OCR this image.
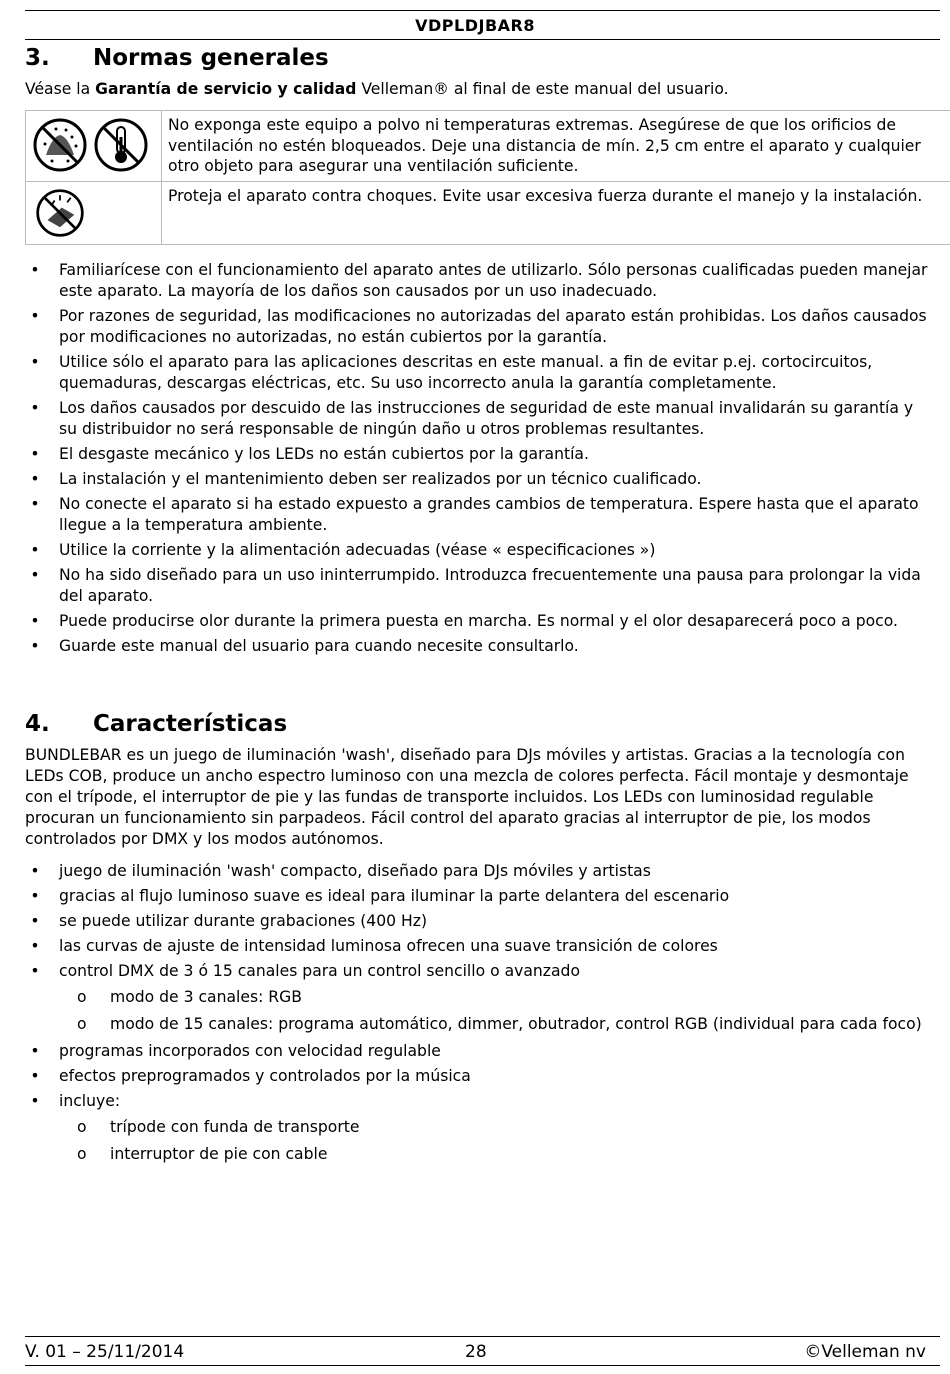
VDPLDJBAR8
3. Normas generales
Véase la Garantía de servicio y calidad Velleman® al final de este manual del usuario.
	No exponga este equipo a polvo ni temperaturas extremas. Asegúrese de que los orificios de ventilación no estén bloqueados. Deje una distancia de mín. 2,5 cm entre el aparato y cualquier otro objeto para asegurar una ventilación suficiente.
	Proteja el aparato contra choques. Evite usar excesiva fuerza durante el manejo y la instalación.
•	Familiarícese con el funcionamiento del aparato antes de utilizarlo. Sólo personas cualificadas pueden manejar este aparato. La mayoría de los daños son causados por un uso inadecuado.
•	Por razones de seguridad, las modificaciones no autorizadas del aparato están prohibidas. Los daños causados por modificaciones no autorizadas, no están cubiertos por la garantía.
•	Utilice sólo el aparato para las aplicaciones descritas en este manual. a fin de evitar p.ej. cortocircuitos, quemaduras, descargas eléctricas, etc. Su uso incorrecto anula la garantía completamente.
•	Los daños causados por descuido de las instrucciones de seguridad de este manual invalidarán su garantía y su distribuidor no será responsable de ningún daño u otros problemas resultantes.
•	El desgaste mecánico y los LEDs no están cubiertos por la garantía.
•	La instalación y el mantenimiento deben ser realizados por un técnico cualificado.
•	No conecte el aparato si ha estado expuesto a grandes cambios de temperatura. Espere hasta que el aparato llegue a la temperatura ambiente.
•	Utilice la corriente y la alimentación adecuadas (véase « especificaciones »)
•	No ha sido diseñado para un uso ininterrumpido. Introduzca frecuentemente una pausa para prolongar la vida del aparato.
•	Puede producirse olor durante la primera puesta en marcha. Es normal y el olor desaparecerá poco a poco.
•	Guarde este manual del usuario para cuando necesite consultarlo.
4. Características
BUNDLEBAR es un juego de iluminación 'wash', diseñado para DJs móviles y artistas. Gracias a la tecnología con LEDs COB, produce un ancho espectro luminoso con una mezcla de colores perfecta. Fácil montaje y desmontaje con el trípode, el interruptor de pie y las fundas de transporte incluidos. Los LEDs con luminosidad regulable procuran un funcionamiento sin parpadeos. Fácil control del aparato gracias al interruptor de pie, los modos controlados por DMX y los modos autónomos.
•	juego de iluminación 'wash' compacto, diseñado para DJs móviles y artistas
•	gracias al flujo luminoso suave es ideal para iluminar la parte delantera del escenario
•	se puede utilizar durante grabaciones (400 Hz)
•	las curvas de ajuste de intensidad luminosa ofrecen una suave transición de colores
•	control DMX de 3 ó 15 canales para un control sencillo o avanzado
o modo de 3 canales: RGB
o modo de 15 canales: programa automático, dimmer, obutrador, control RGB (individual para cada foco)
•	programas incorporados con velocidad regulable
•	efectos preprogramados y controlados por la música
•	incluye:
o trípode con funda de transporte
o interruptor de pie con cable
V. 01 – 25/11/2014	28	©Velleman nv
